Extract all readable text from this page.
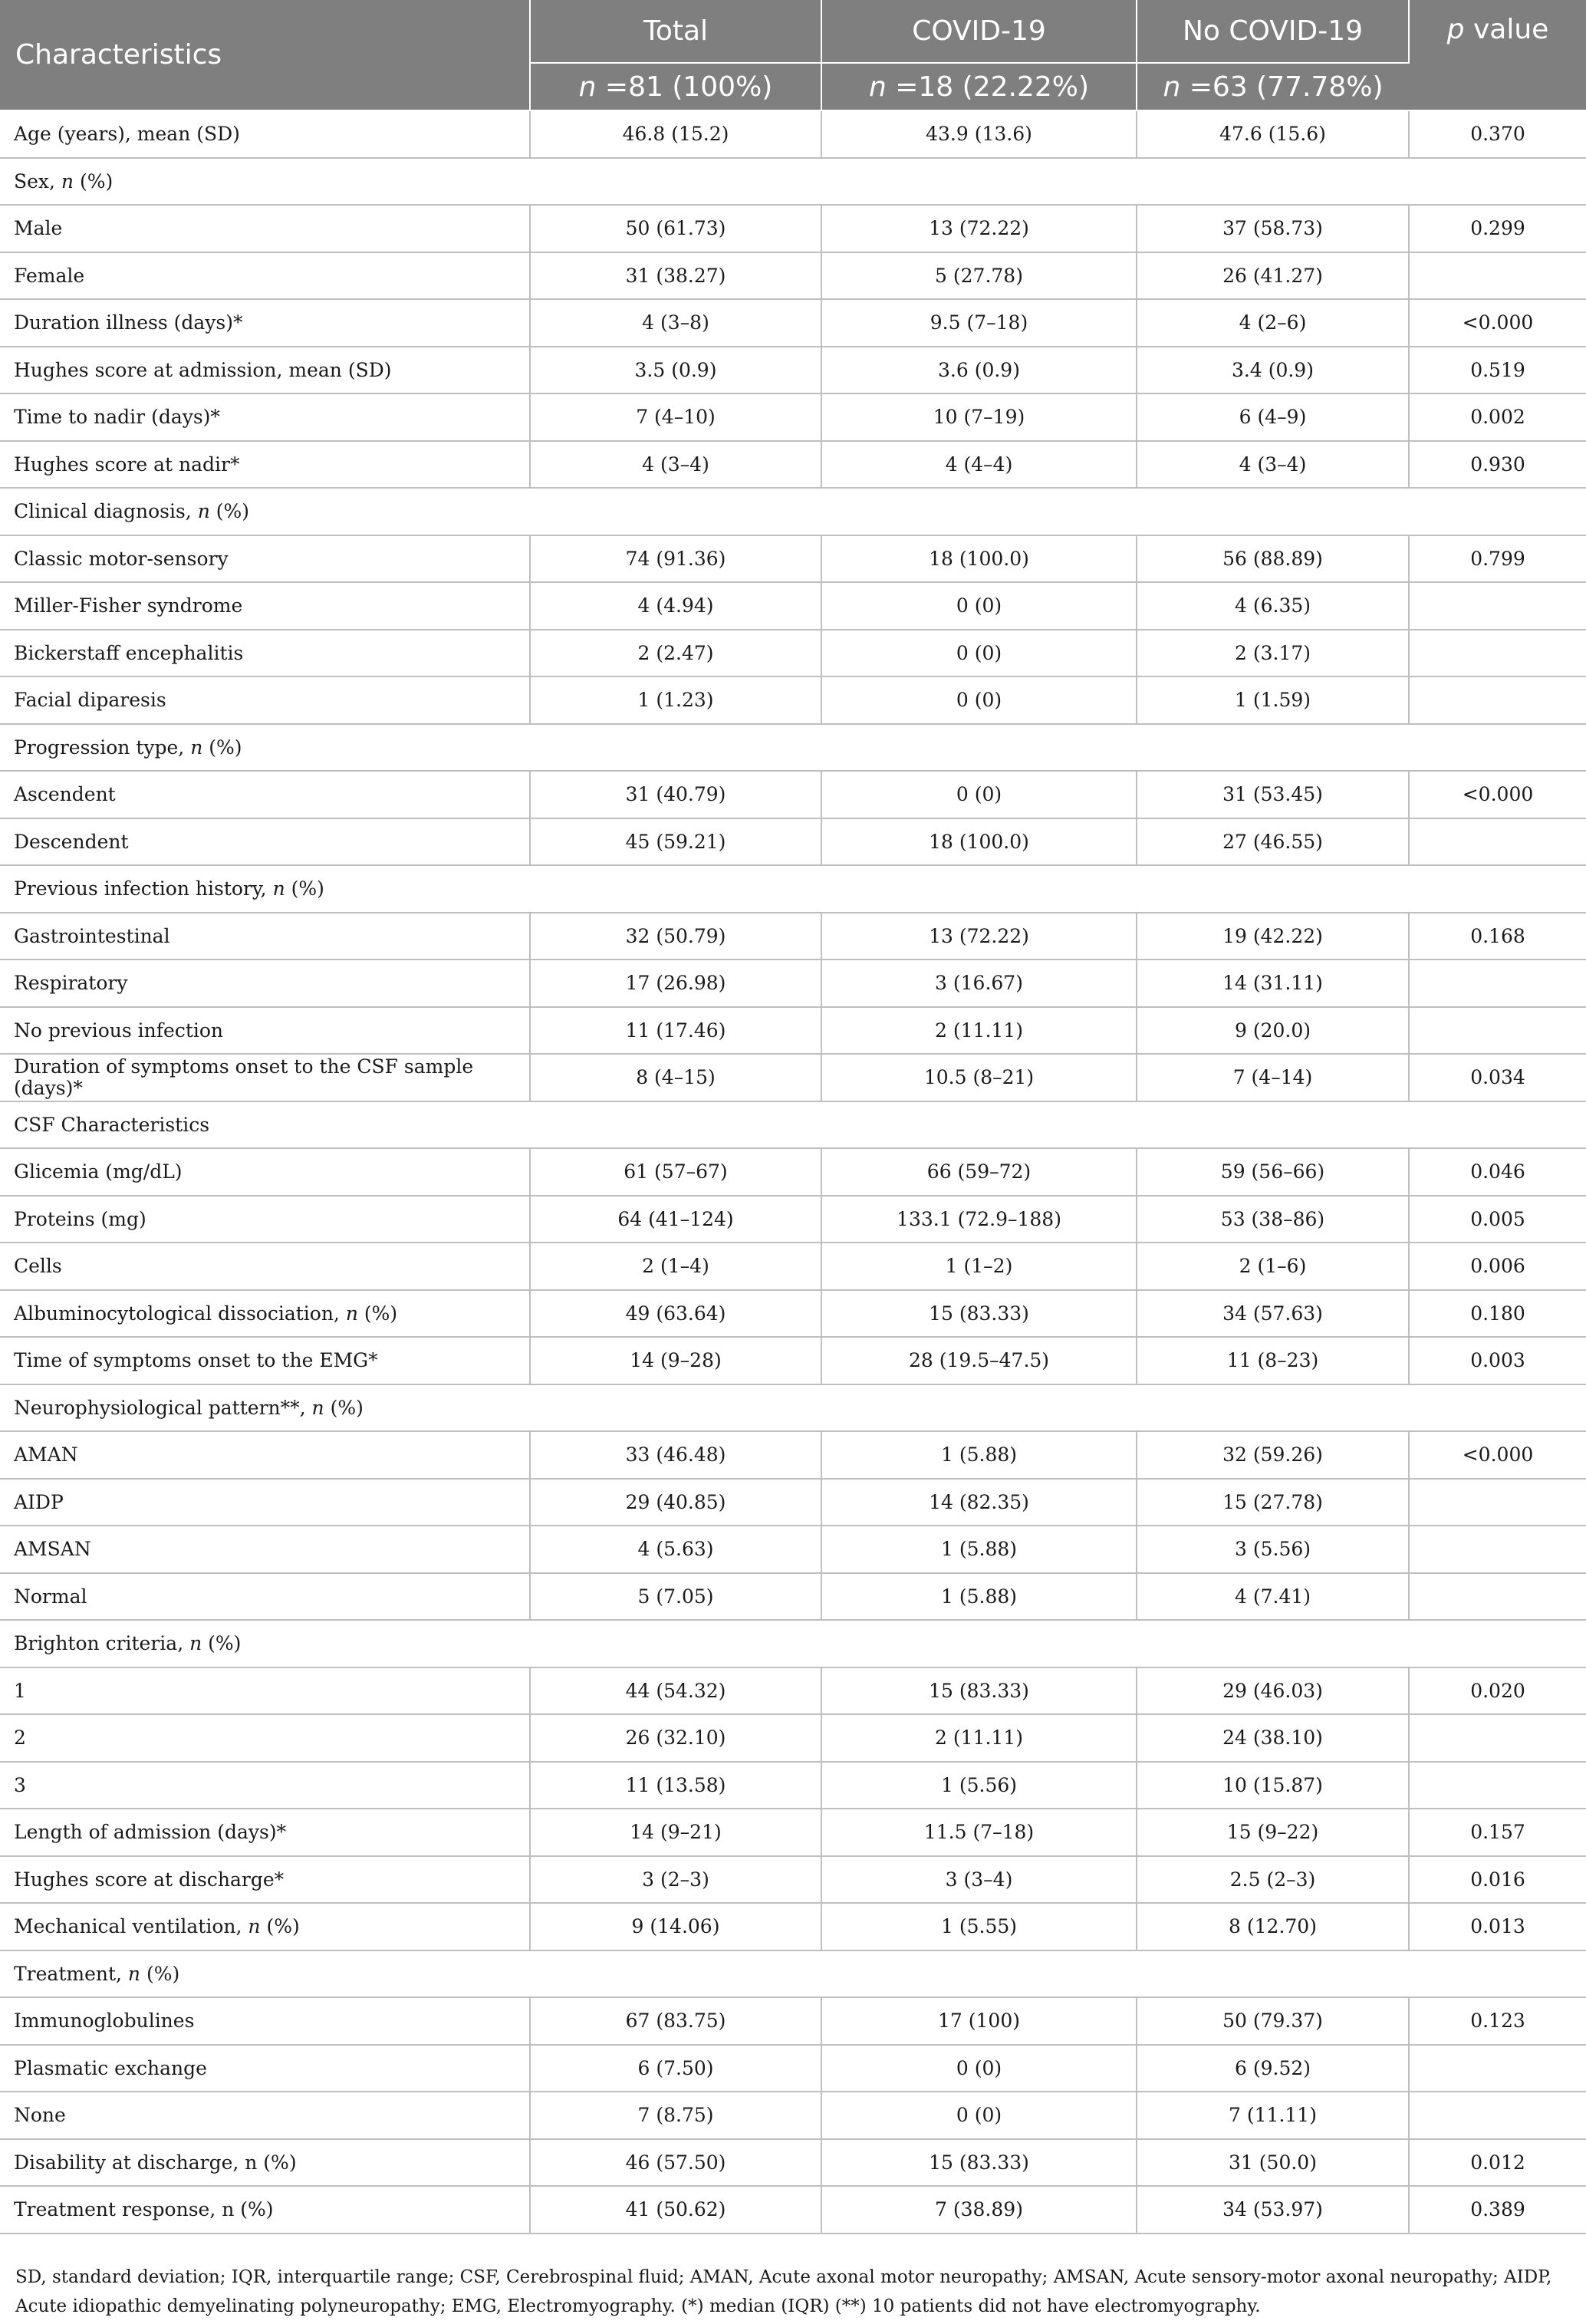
Characteristics	Total	COVID-19	No COVID-19	p value
	n =81 (100%)	n =18 (22.22%)	n =63 (77.78%)	
Age (years), mean (SD)	46.8 (15.2)	43.9 (13.6)	47.6 (15.6)	0.370
Sex, n (%)				
Male	50 (61.73)	13 (72.22)	37 (58.73)	0.299
Female	31 (38.27)	5 (27.78)	26 (41.27)	
Duration illness (days)*	4 (3–8)	9.5 (7–18)	4 (2–6)	<0.000
Hughes score at admission, mean (SD)	3.5 (0.9)	3.6 (0.9)	3.4 (0.9)	0.519
Time to nadir (days)*	7 (4–10)	10 (7–19)	6 (4–9)	0.002
Hughes score at nadir*	4 (3–4)	4 (4–4)	4 (3–4)	0.930
Clinical diagnosis, n (%)				
Classic motor-sensory	74 (91.36)	18 (100.0)	56 (88.89)	0.799
Miller-Fisher syndrome	4 (4.94)	0 (0)	4 (6.35)	
Bickerstaff encephalitis	2 (2.47)	0 (0)	2 (3.17)	
Facial diparesis	1 (1.23)	0 (0)	1 (1.59)	
Progression type, n (%)				
Ascendent	31 (40.79)	0 (0)	31 (53.45)	<0.000
Descendent	45 (59.21)	18 (100.0)	27 (46.55)	
Previous infection history, n (%)				
Gastrointestinal	32 (50.79)	13 (72.22)	19 (42.22)	0.168
Respiratory	17 (26.98)	3 (16.67)	14 (31.11)	
No previous infection	11 (17.46)	2 (11.11)	9 (20.0)	
Duration of symptoms onset to the CSF sample (days)*	8 (4–15)	10.5 (8–21)	7 (4–14)	0.034
CSF Characteristics				
Glicemia (mg/dL)	61 (57–67)	66 (59–72)	59 (56–66)	0.046
Proteins (mg)	64 (41–124)	133.1 (72.9–188)	53 (38–86)	0.005
Cells	2 (1–4)	1 (1–2)	2 (1–6)	0.006
Albuminocytological dissociation, n (%)	49 (63.64)	15 (83.33)	34 (57.63)	0.180
Time of symptoms onset to the EMG*	14 (9–28)	28 (19.5–47.5)	11 (8–23)	0.003
Neurophysiological pattern**, n (%)				
AMAN	33 (46.48)	1 (5.88)	32 (59.26)	<0.000
AIDP	29 (40.85)	14 (82.35)	15 (27.78)	
AMSAN	4 (5.63)	1 (5.88)	3 (5.56)	
Normal	5 (7.05)	1 (5.88)	4 (7.41)	
Brighton criteria, n (%)				
1	44 (54.32)	15 (83.33)	29 (46.03)	0.020
2	26 (32.10)	2 (11.11)	24 (38.10)	
3	11 (13.58)	1 (5.56)	10 (15.87)	
Length of admission (days)*	14 (9–21)	11.5 (7–18)	15 (9–22)	0.157
Hughes score at discharge*	3 (2–3)	3 (3–4)	2.5 (2–3)	0.016
Mechanical ventilation, n (%)	9 (14.06)	1 (5.55)	8 (12.70)	0.013
Treatment, n (%)				
Immunoglobulines	67 (83.75)	17 (100)	50 (79.37)	0.123
Plasmatic exchange	6 (7.50)	0 (0)	6 (9.52)	
None	7 (8.75)	0 (0)	7 (11.11)	
Disability at discharge, n (%)	46 (57.50)	15 (83.33)	31 (50.0)	0.012
Treatment response, n (%)	41 (50.62)	7 (38.89)	34 (53.97)	0.389
SD, standard deviation; IQR, interquartile range; CSF, Cerebrospinal fluid; AMAN, Acute axonal motor neuropathy; AMSAN, Acute sensory-motor axonal neuropathy; AIDP, Acute idiopathic demyelinating polyneuropathy; EMG, Electromyography. (*) median (IQR) (**) 10 patients did not have electromyography.
